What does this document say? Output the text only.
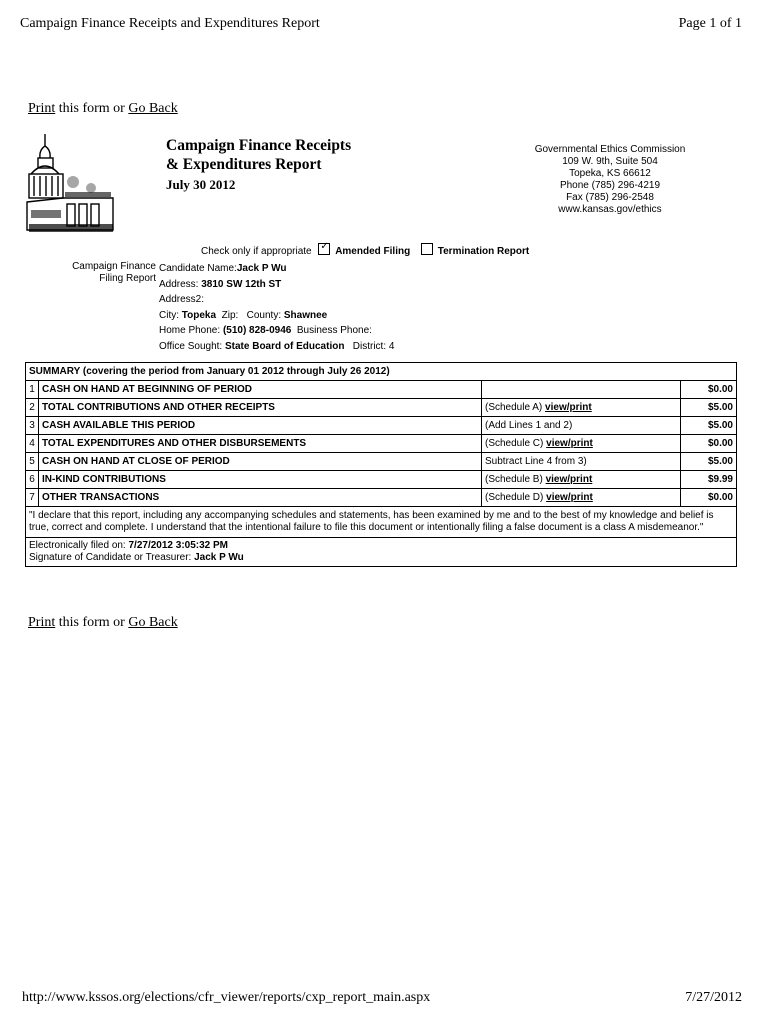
Campaign Finance Receipts and Expenditures Report	Page 1 of 1
Print this form or Go Back
Campaign Finance Receipts
& Expenditures Report
July 30 2012
Governmental Ethics Commission
109 W. 9th, Suite 504
Topeka, KS 66612
Phone (785) 296-4219
Fax (785) 296-2548
www.kansas.gov/ethics
Check only if appropriate ✓ Amended Filing	Termination Report
Campaign Finance
Filing Report
Candidate Name:Jack P Wu
Address: 3810 SW 12th ST
Address2:
City: Topeka Zip: County: Shawnee
Home Phone: (510) 828-0946 Business Phone:
Office Sought: State Board of Education District: 4
SUMMARY (covering the period from January 01 2012 through July 26 2012)			
1	CASH ON HAND AT BEGINNING OF PERIOD		$0.00
2	TOTAL CONTRIBUTIONS AND OTHER RECEIPTS	(Schedule A) view/print	$5.00
3	CASH AVAILABLE THIS PERIOD	(Add Lines 1 and 2)	$5.00
4	TOTAL EXPENDITURES AND OTHER DISBURSEMENTS	(Schedule C) view/print	$0.00
5	CASH ON HAND AT CLOSE OF PERIOD	Subtract Line 4 from 3)	$5.00
6	IN-KIND CONTRIBUTIONS	(Schedule B) view/print	$9.99
7	OTHER TRANSACTIONS	(Schedule D) view/print	$0.00
"I declare that this report, including any accompanying schedules and statements, has been examined by me and to the best of my knowledge and belief is true, correct and complete. I understand that the intentional failure to file this document or intentionally filing a false document is a class A misdemeanor."			

Electronically filed on: 7/27/2012 3:05:32 PM
Signature of Candidate or Treasurer: Jack P Wu			
Print this form or Go Back
http://www.kssos.org/elections/cfr_viewer/reports/cxp_report_main.aspx	7/27/2012
